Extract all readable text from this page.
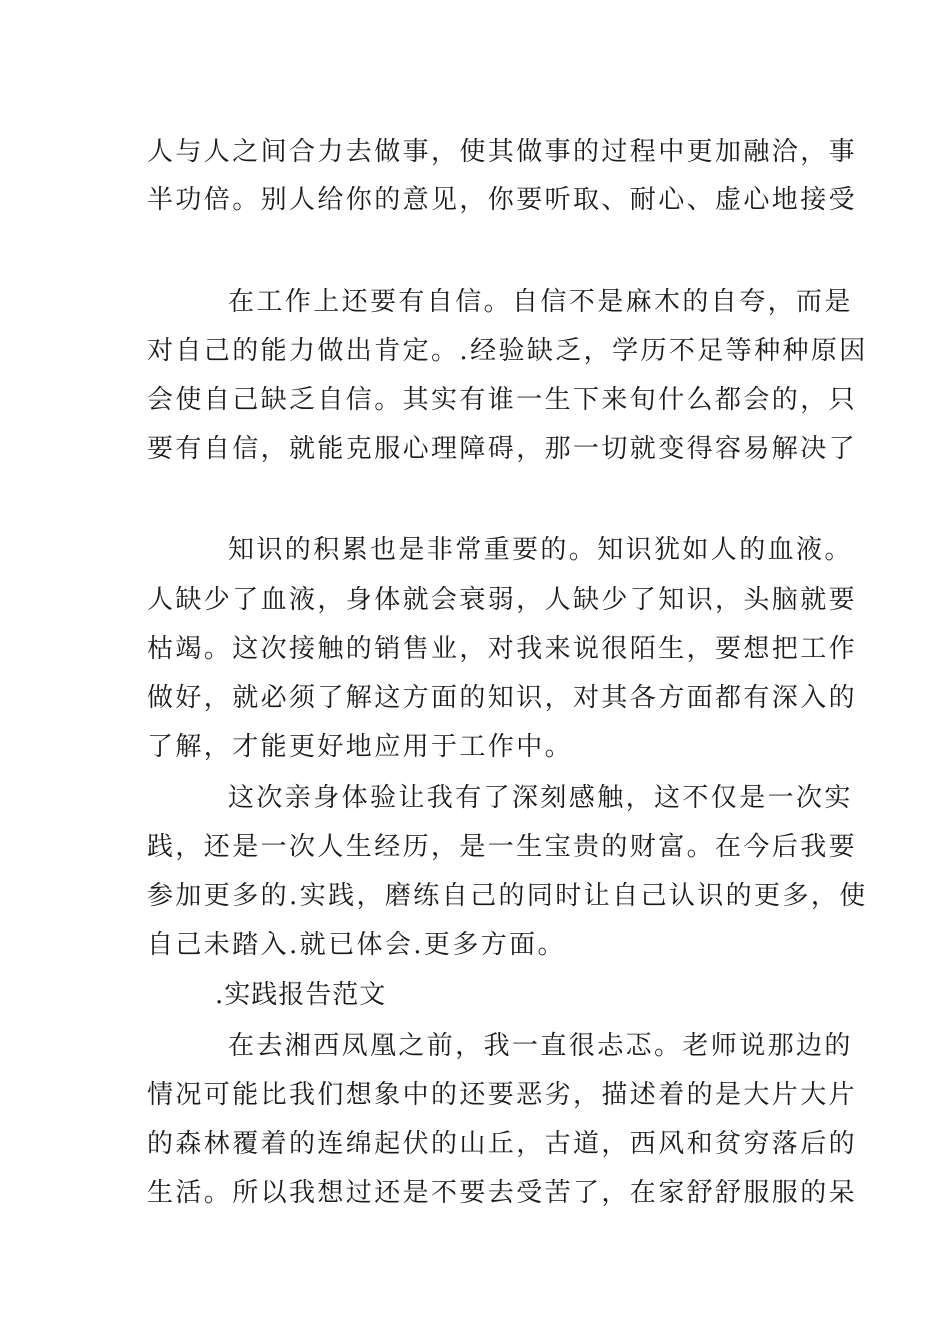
人与人之间合力去做事，使其做事的过程中更加融洽，事
半功倍。别人给你的意见，你要听取、耐心、虚心地接受
在工作上还要有自信。自信不是麻木的自夸，而是
对自己的能力做出肯定。.经验缺乏，学历不足等种种原因
会使自己缺乏自信。其实有谁一生下来旬什么都会的，只
要有自信，就能克服心理障碍，那一切就变得容易解决了
知识的积累也是非常重要的。知识犹如人的血液。
人缺少了血液，身体就会衰弱，人缺少了知识，头脑就要
枯竭。这次接触的销售业，对我来说很陌生，要想把工作
做好，就必须了解这方面的知识，对其各方面都有深入的
了解，才能更好地应用于工作中。
这次亲身体验让我有了深刻感触，这不仅是一次实
践，还是一次人生经历，是一生宝贵的财富。在今后我要
参加更多的.实践，磨练自己的同时让自己认识的更多，使
自己未踏入.就已体会.更多方面。
.实践报告范文
在去湘西凤凰之前，我一直很忐忑。老师说那边的
情况可能比我们想象中的还要恶劣，描述着的是大片大片
的森林覆着的连绵起伏的山丘，古道，西风和贫穷落后的
生活。所以我想过还是不要去受苦了，在家舒舒服服的呆
